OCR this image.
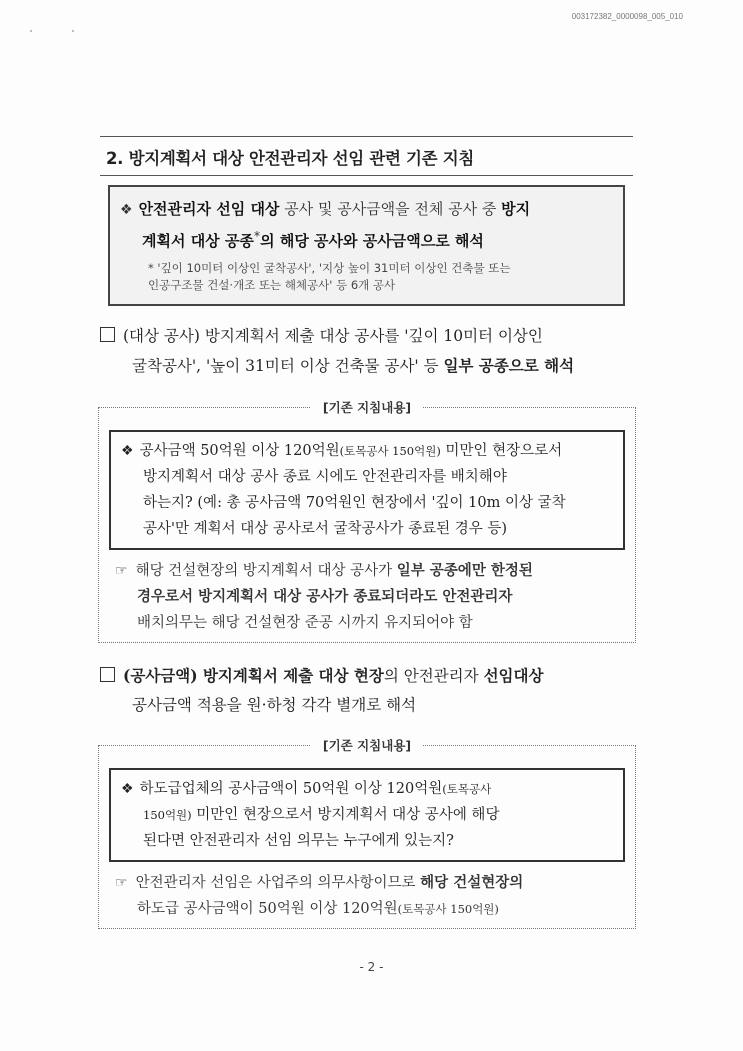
003172382_0000098_005_010
2. 방지계획서 대상 안전관리자 선임 관련 기존 지침
❖ 안전관리자 선임 대상 공사 및 공사금액을 전체 공사 중 방지
계획서 대상 공종*의 해당 공사와 공사금액으로 해석
* '깊이 10미터 이상인 굴착공사', '지상 높이 31미터 이상인 건축물 또는
인공구조물 건설·개조 또는 해체공사' 등 6개 공사
(대상 공사) 방지계획서 제출 대상 공사를 '깊이 10미터 이상인
굴착공사', '높이 31미터 이상 건축물 공사' 등 일부 공종으로 해석
[기존 지침내용]
❖ 공사금액 50억원 이상 120억원(토목공사 150억원) 미만인 현장으로서
방지계획서 대상 공사 종료 시에도 안전관리자를 배치해야
하는지? (예: 총 공사금액 70억원인 현장에서 '깊이 10m 이상 굴착
공사'만 계획서 대상 공사로서 굴착공사가 종료된 경우 등)
☞ 해당 건설현장의 방지계획서 대상 공사가 일부 공종에만 한정된
경우로서 방지계획서 대상 공사가 종료되더라도 안전관리자
배치의무는 해당 건설현장 준공 시까지 유지되어야 함
(공사금액) 방지계획서 제출 대상 현장의 안전관리자 선임대상
공사금액 적용을 원·하청 각각 별개로 해석
[기존 지침내용]
❖ 하도급업체의 공사금액이 50억원 이상 120억원(토목공사
150억원) 미만인 현장으로서 방지계획서 대상 공사에 해당
된다면 안전관리자 선임 의무는 누구에게 있는지?
☞ 안전관리자 선임은 사업주의 의무사항이므로 해당 건설현장의
하도급 공사금액이 50억원 이상 120억원(토목공사 150억원)
- 2 -
